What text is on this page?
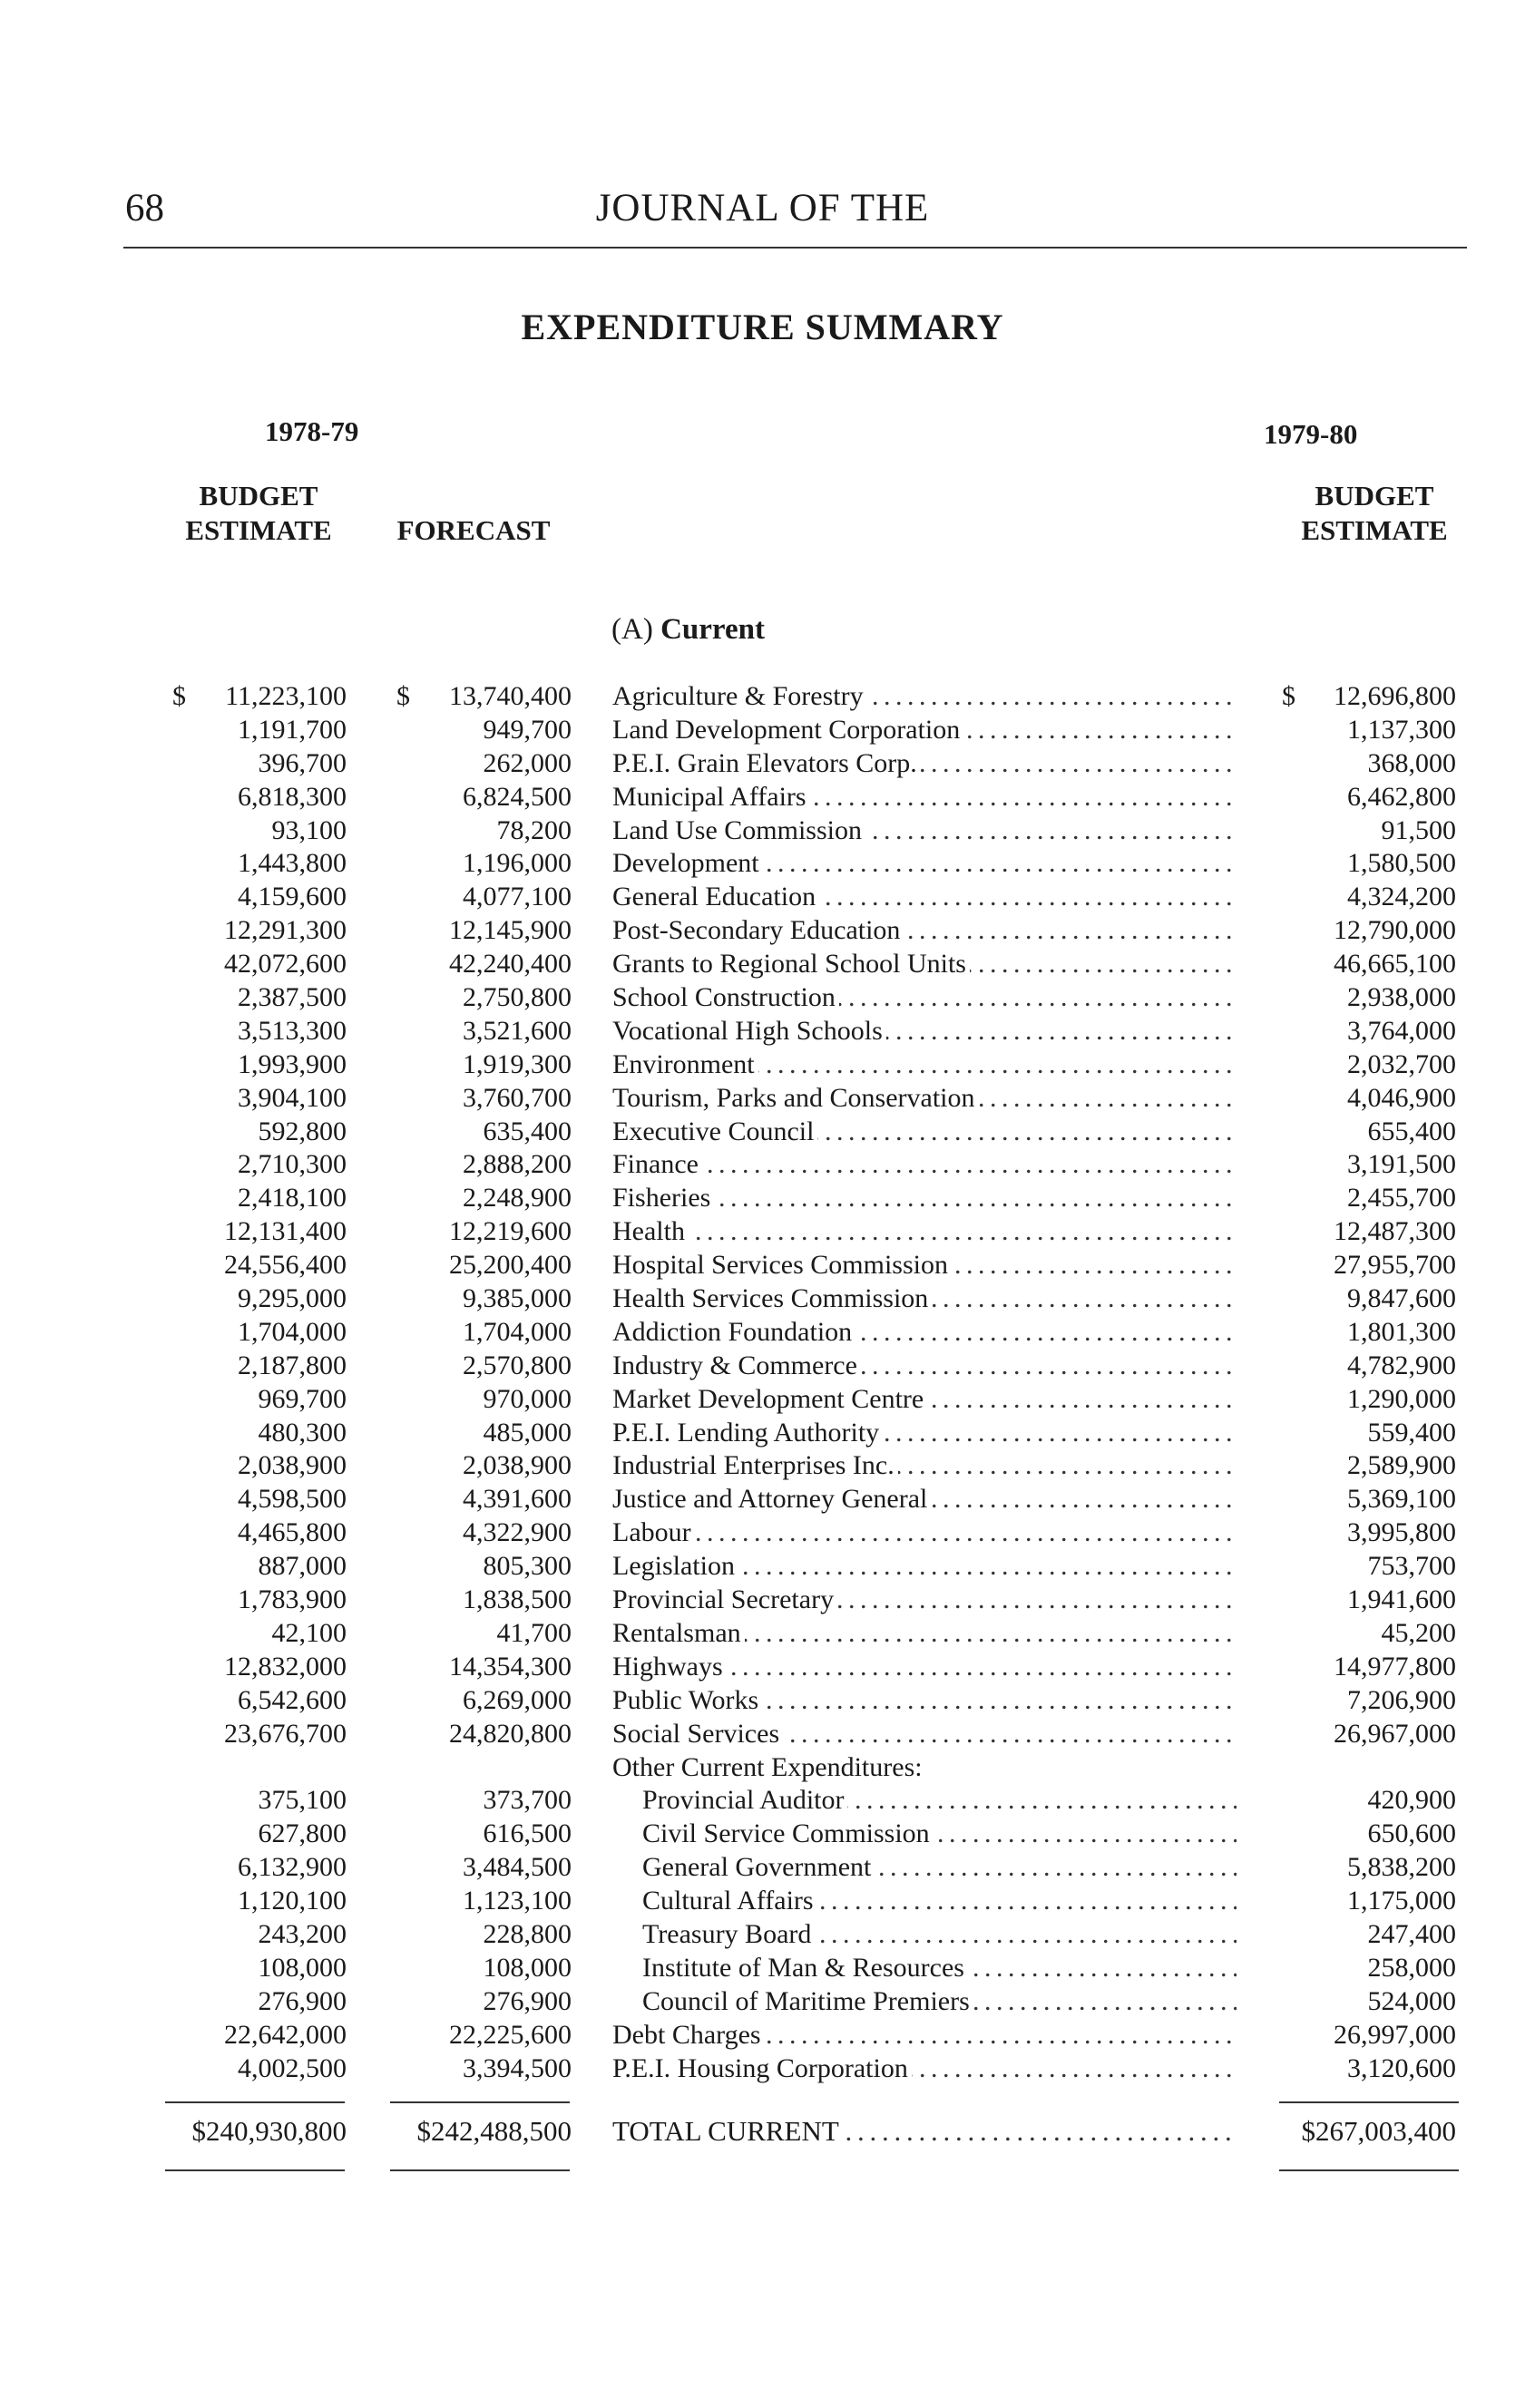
68	JOURNAL OF THE
EXPENDITURE SUMMARY
1978-79	1979-80
BUDGET
ESTIMATE	FORECAST
BUDGET
ESTIMATE
(A) Current
$	$	$
11,223,100	13,740,400 Agriculture & Forestry . . .	12,696,800
1,191,700	949,700 Land Development Corporation . . .	1,137,300
396,700	262,000 P.E.I. Grain Elevators Corp. . . .	368,000
6,818,300	6,824,500 Municipal Affairs . . .	6,462,800
93,100	78,200 Land Use Commission . . .	91,500
1,443,800	1,196,000 Development . . .	1,580,500
4,159,600	4,077,100 General Education . . .	4,324,200
12,291,300	12,145,900 Post-Secondary Education . . .	12,790,000
42,072,600	42,240,400 Grants to Regional School Units . . .	46,665,100
2,387,500	2,750,800 School Construction . . .	2,938,000
3,513,300	3,521,600 Vocational High Schools . . .	3,764,000
1,993,900	1,919,300 Environment . . .	2,032,700
3,904,100	3,760,700 Tourism, Parks and Conservation . . .	4,046,900
592,800	635,400 Executive Council . . .	655,400
2,710,300	2,888,200 Finance . . .	3,191,500
2,418,100	2,248,900 Fisheries . . .	2,455,700
12,131,400	12,219,600 Health . . .	12,487,300
24,556,400	25,200,400 Hospital Services Commission . . .	27,955,700
9,295,000	9,385,000 Health Services Commission . . .	9,847,600
1,704,000	1,704,000 Addiction Foundation . . .	1,801,300
2,187,800	2,570,800 Industry & Commerce . . .	4,782,900
969,700	970,000 Market Development Centre . . .	1,290,000
480,300	485,000 P.E.I. Lending Authority . . .	559,400
2,038,900	2,038,900 Industrial Enterprises Inc. . . .	2,589,900
4,598,500	4,391,600 Justice and Attorney General . . .	5,369,100
4,465,800	4,322,900 Labour . . .	3,995,800
887,000	805,300 Legislation . . .	753,700
1,783,900	1,838,500 Provincial Secretary . . .	1,941,600
42,100	41,700 Rentalsman . . .	45,200
12,832,000	14,354,300 Highways . . .	14,977,800
6,542,600	6,269,000 Public Works . . .	7,206,900
23,676,700	24,820,800 Social Services . . .	26,967,000
Other Current Expenditures:
375,100	373,700	Provincial Auditor . . .	420,900
627,800	616,500	Civil Service Commission . . .	650,600
6,132,900	3,484,500	General Government . . .	5,838,200
1,120,100	1,123,100	Cultural Affairs . . .	1,175,000
243,200	228,800	Treasury Board . . .	247,400
108,000	108,000	Institute of Man & Resources . . .	258,000
276,900	276,900	Council of Maritime Premiers . . .	524,000
22,642,000	22,225,600 Debt Charges . . .	26,997,000
4,002,500	3,394,500 P.E.I. Housing Corporation . . .	3,120,600
$240,930,800	$242,488,500 TOTAL CURRENT . . .	$267,003,400
